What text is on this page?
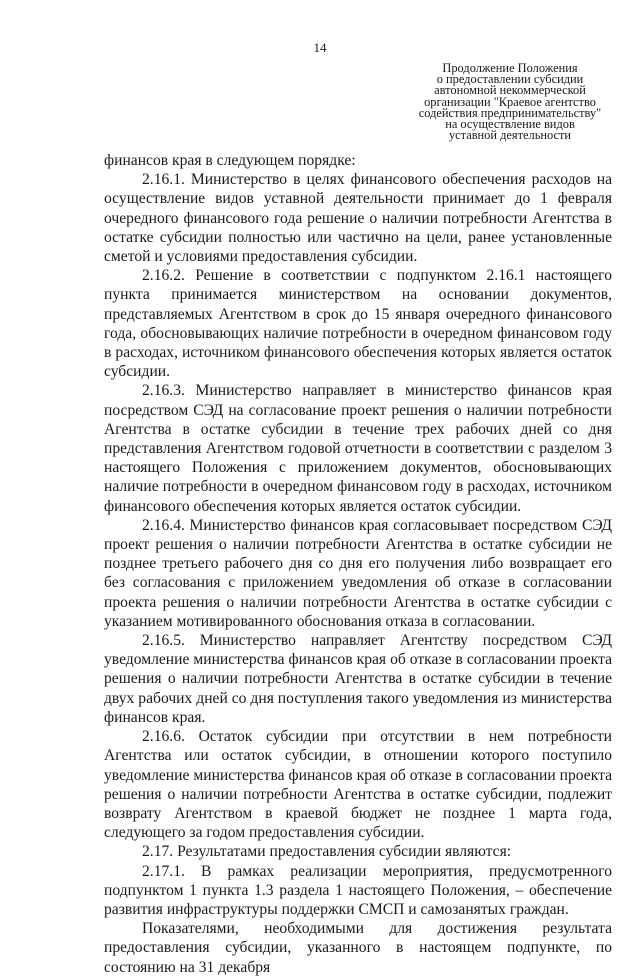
14
Продолжение Положения
о предоставлении субсидии
автономной некоммерческой
организации "Краевое агентство
содействия предпринимательству"
на осуществление видов
уставной деятельности

финансов края в следующем порядке:

2.16.1. Министерство в целях финансового обеспечения расходов на осуществление видов уставной деятельности принимает до 1 февраля очередного финансового года решение о наличии потребности Агентства в остатке субсидии полностью или частично на цели, ранее установленные сметой и условиями предоставления субсидии.

2.16.2. Решение в соответствии с подпунктом 2.16.1 настоящего пункта принимается министерством на основании документов, представляемых Агентством в срок до 15 января очередного финансового года, обосновывающих наличие потребности в очередном финансовом году в расходах, источником финансового обеспечения которых является остаток субсидии.

2.16.3. Министерство направляет в министерство финансов края посредством СЭД на согласование проект решения о наличии потребности Агентства в остатке субсидии в течение трех рабочих дней со дня представления Агентством годовой отчетности в соответствии с разделом 3 настоящего Положения с приложением документов, обосновывающих наличие потребности в очередном финансовом году в расходах, источником финансового обеспечения которых является остаток субсидии.

2.16.4. Министерство финансов края согласовывает посредством СЭД проект решения о наличии потребности Агентства в остатке субсидии не позднее третьего рабочего дня со дня его получения либо возвращает его без согласования с приложением уведомления об отказе в согласовании проекта решения о наличии потребности Агентства в остатке субсидии с указанием мотивированного обоснования отказа в согласовании.

2.16.5. Министерство направляет Агентству посредством СЭД уведомление министерства финансов края об отказе в согласовании проекта решения о наличии потребности Агентства в остатке субсидии в течение двух рабочих дней со дня поступления такого уведомления из министерства финансов края.

2.16.6. Остаток субсидии при отсутствии в нем потребности Агентства или остаток субсидии, в отношении которого поступило уведомление министерства финансов края об отказе в согласовании проекта решения о наличии потребности Агентства в остатке субсидии, подлежит возврату Агентством в краевой бюджет не позднее 1 марта года, следующего за годом предоставления субсидии.

2.17. Результатами предоставления субсидии являются:

2.17.1. В рамках реализации мероприятия, предусмотренного подпунктом 1 пункта 1.3 раздела 1 настоящего Положения, – обеспечение развития инфраструктуры поддержки СМСП и самозанятых граждан.

Показателями, необходимыми для достижения результата предоставления субсидии, указанного в настоящем подпункте, по состоянию на 31 декабря
